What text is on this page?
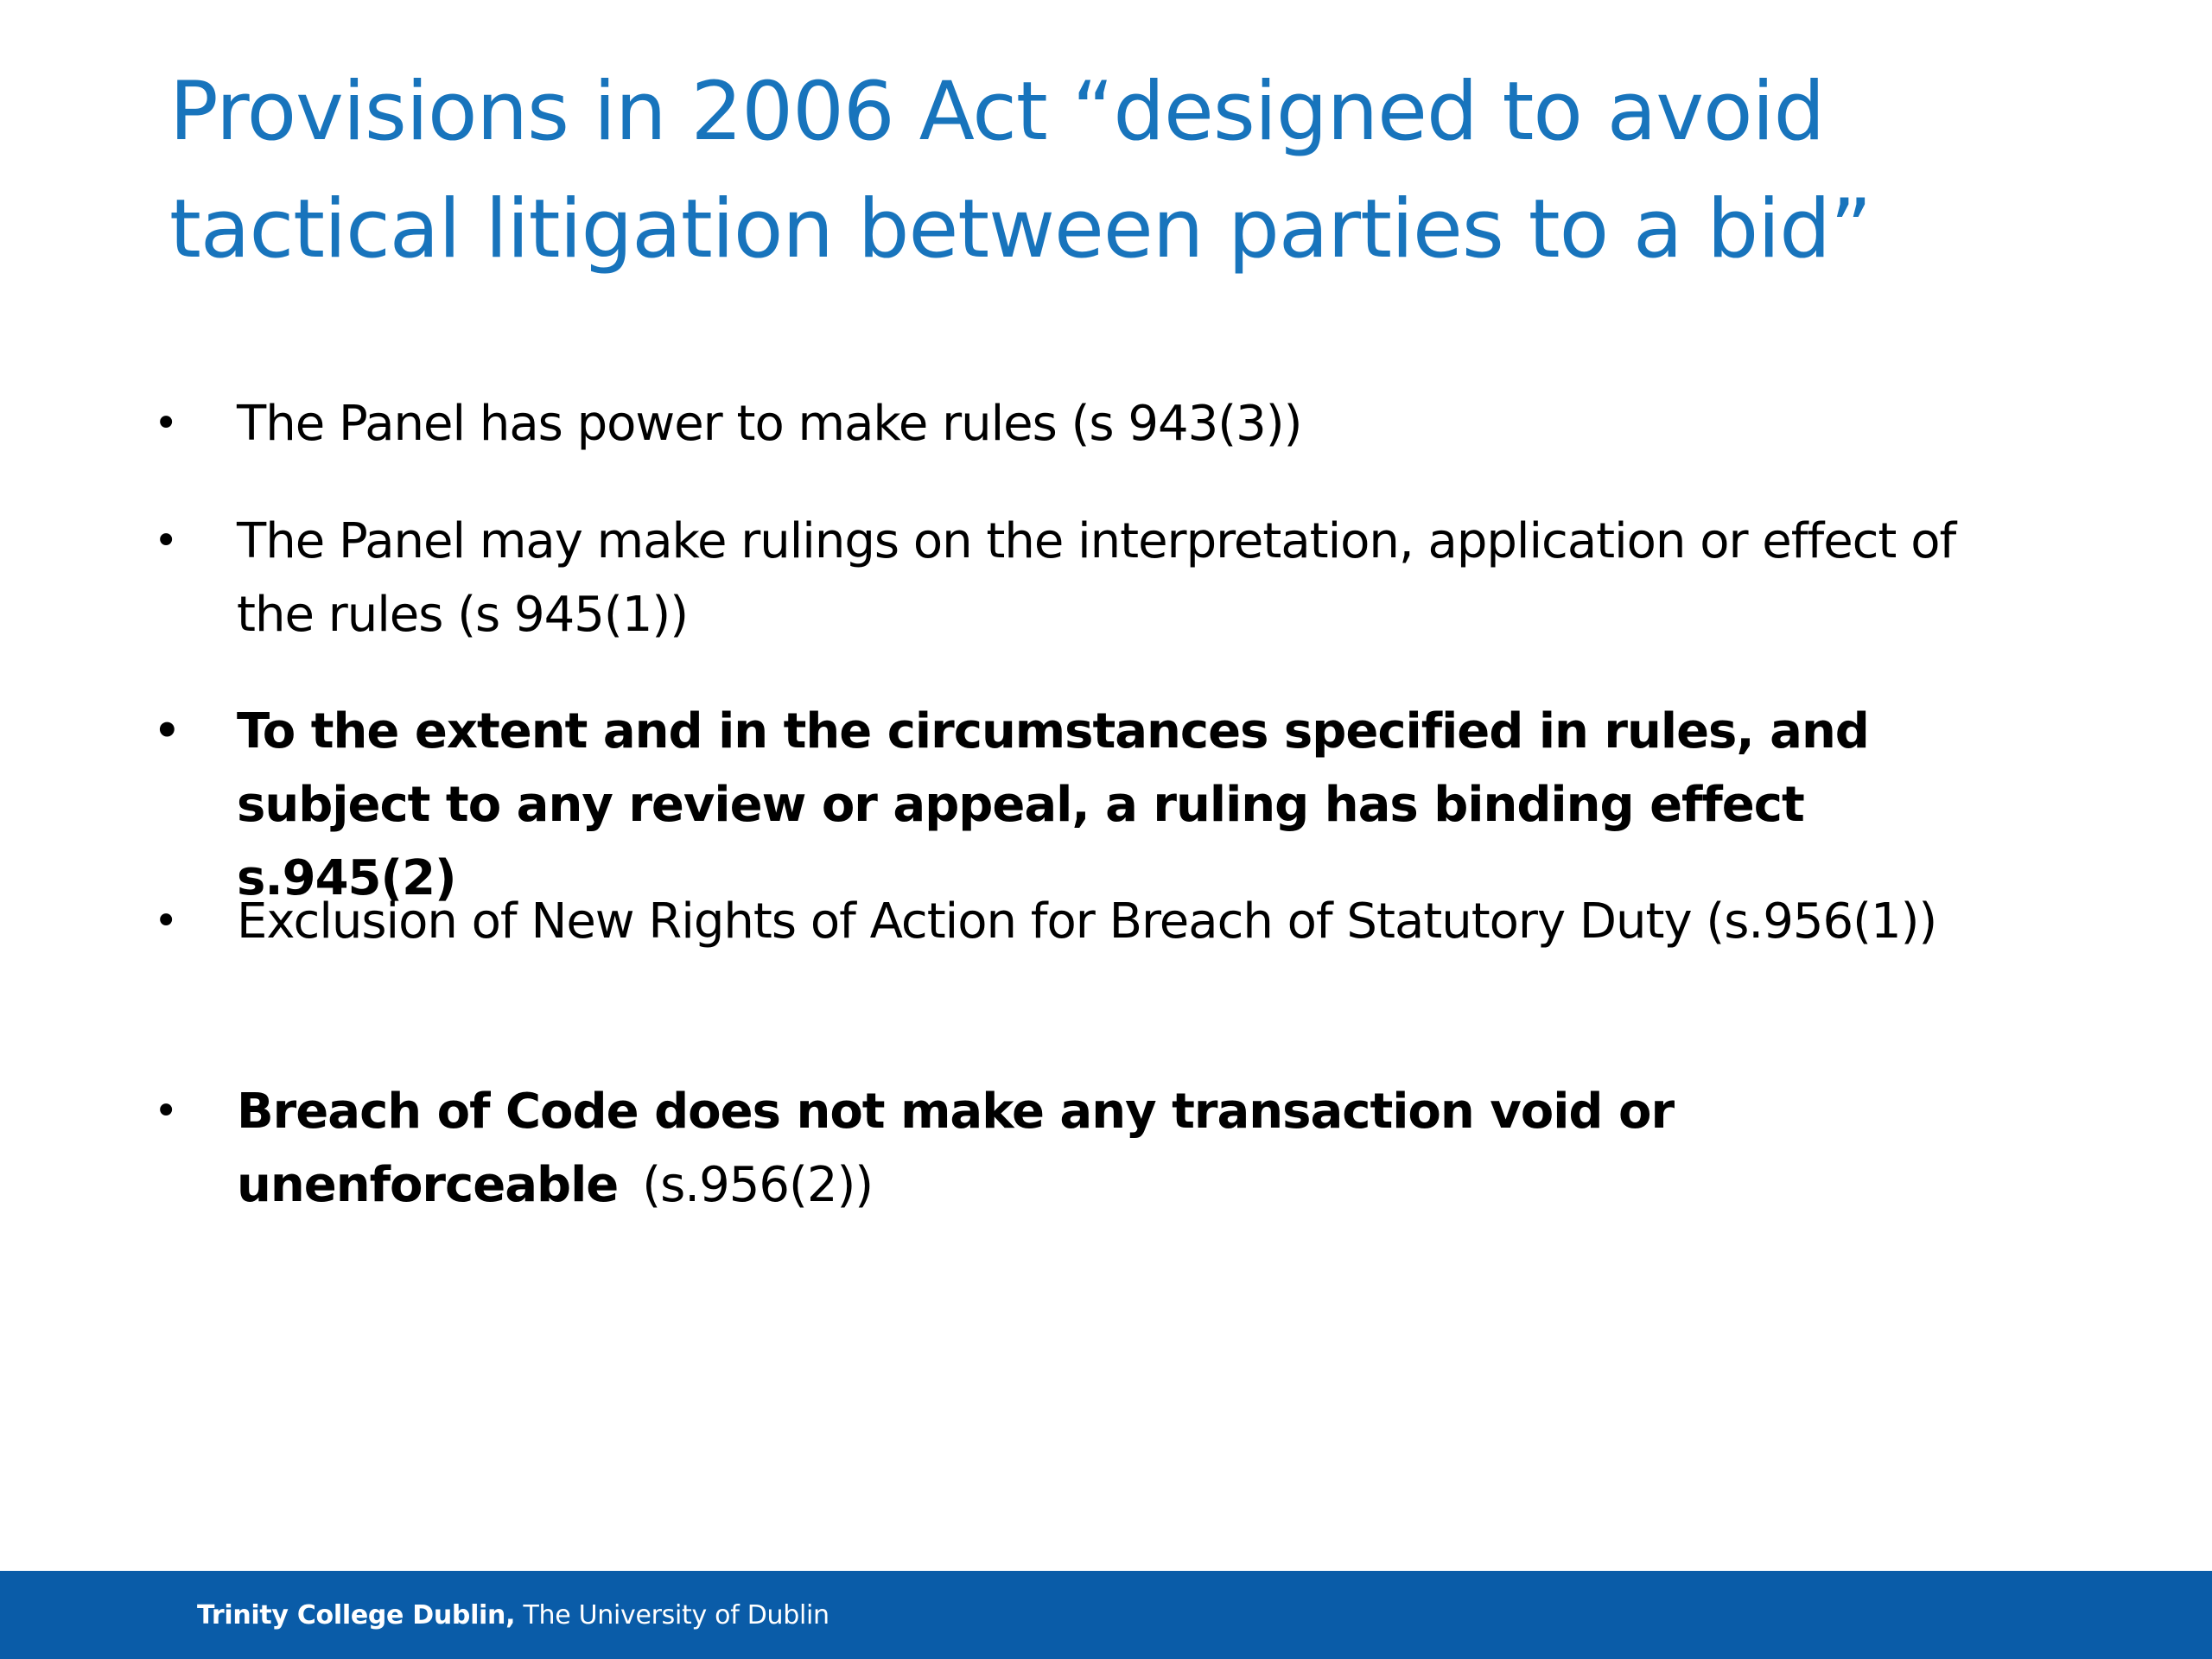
Provisions in 2006 Act “designed to avoid tactical litigation between parties to a bid”
• The Panel has power to make rules (s 943(3))
• The Panel may make rulings on the interpretation, application or effect of the rules (s 945(1))
• To the extent and in the circumstances specified in rules, and subject to any review or appeal, a ruling has binding effect s.945(2)
• Exclusion of New Rights of Action for Breach of Statutory Duty (s.956(1))
• Breach of Code does not make any transaction void or unenforceable (s.956(2))
Trinity College Dublin, The University of Dublin
